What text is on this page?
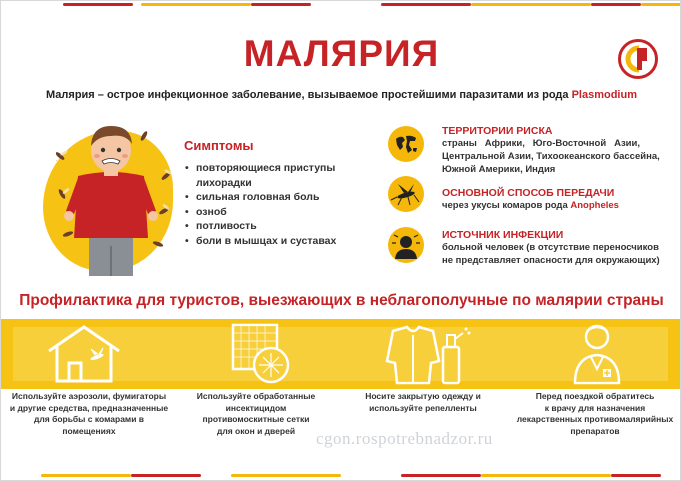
МАЛЯРИЯ
Малярия – острое инфекционное заболевание, вызываемое простейшими паразитами из рода Plasmodium
Симптомы
• повторяющиеся приступы
лихорадки
• сильная головная боль
• озноб
• потливость
• боли в мышцах и суставах
ТЕРРИТОРИИ РИСКА
страны   Африки,   Юго-Восточной   Азии,
Центральной Азии, Тихоокеанского бассейна,
Южной Америки, Индия
ОСНОВНОЙ СПОСОБ ПЕРЕДАЧИ
через укусы комаров рода Anopheles
ИСТОЧНИК ИНФЕКЦИИ
больной человек (в отсутствие переносчиков
не представляет опасности для окружающих)
Профилактика для туристов, выезжающих в неблагополучные по малярии страны
Используйте аэрозоли, фумигаторы
и другие средства, предназначенные
для борьбы с комарами в
помещениях
Используйте обработанные
инсектицидом
противомоскитные сетки
для окон и дверей
Носите закрытую одежду и
используйте репелленты
Перед поездкой обратитесь
к врачу для назначения
лекарственных противомалярийных
препаратов
cgon.rospotrebnadzor.ru
